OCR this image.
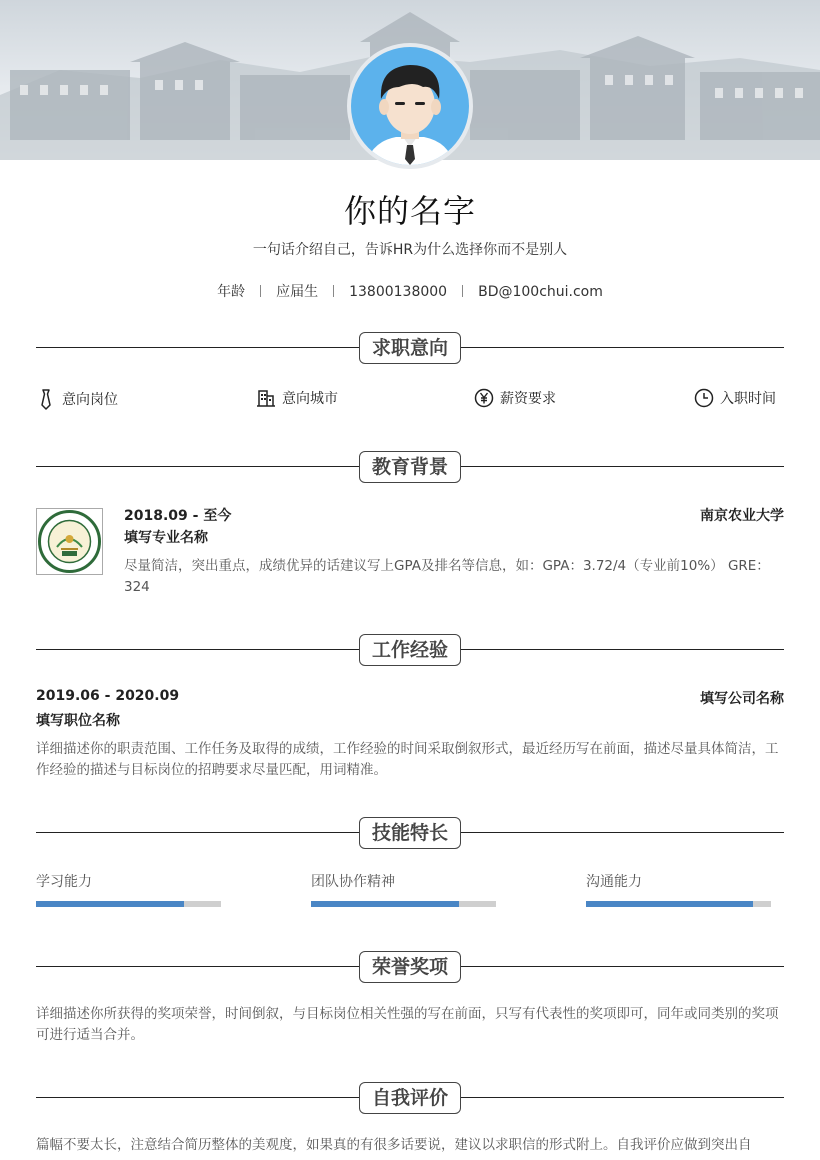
你的名字
一句话介绍自己，告诉HR为什么选择你而不是别人
年龄 应届生 13800138000 BD@100chui.com
求职意向
意向岗位	意向城市	薪资要求	入职时间
教育背景
2018.09 - 至今	南京农业大学
填写专业名称
尽量简洁，突出重点，成绩优异的话建议写上GPA及排名等信息，如：GPA：3.72/4（专业前10%） GRE：324
工作经验
2019.06 - 2020.09	填写公司名称
填写职位名称
详细描述你的职责范围、工作任务及取得的成绩，工作经验的时间采取倒叙形式，最近经历写在前面，描述尽量具体简洁，工作经验的描述与目标岗位的招聘要求尽量匹配，用词精准。
技能特长
学习能力	团队协作精神	沟通能力
荣誉奖项
详细描述你所获得的奖项荣誉，时间倒叙，与目标岗位相关性强的写在前面，只写有代表性的奖项即可，同年或同类别的奖项可进行适当合并。
自我评价
篇幅不要太长，注意结合简历整体的美观度，如果真的有很多话要说，建议以求职信的形式附上。自我评价应做到突出自
